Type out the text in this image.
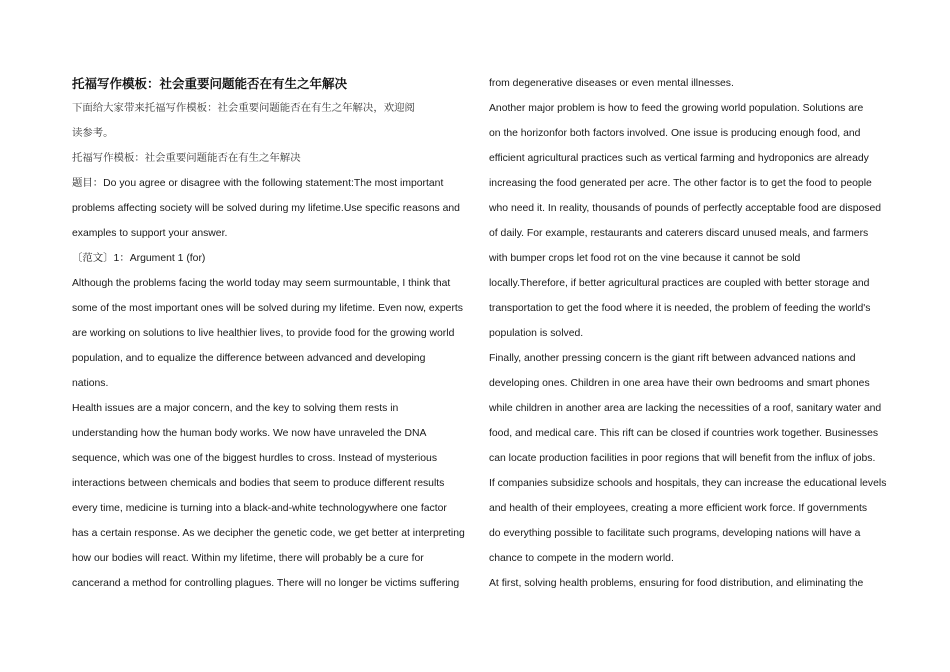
托福写作模板：社会重要问题能否在有生之年解决
下面给大家带来托福写作模板：社会重要问题能否在有生之年解决，欢迎阅
读参考。
托福写作模板：社会重要问题能否在有生之年解决
题目：Do you agree or disagree with the following statement:The most important
problems affecting society will be solved during my lifetime.Use specific reasons and
examples to support your answer.
〔范文〕1：Argument 1 (for)
Although the problems facing the world today may seem surmountable, I think that
some of the most important ones will be solved during my lifetime. Even now, experts
are working on solutions to live healthier lives, to provide food for the growing world
population, and to equalize the difference between advanced and developing
nations.
Health issues are a major concern, and the key to solving them rests in
understanding how the human body works. We now have unraveled the DNA
sequence, which was one of the biggest hurdles to cross. Instead of mysterious
interactions between chemicals and bodies that seem to produce different results
every time, medicine is turning into a black-and-white technologywhere one factor
has a certain response. As we decipher the genetic code, we get better at interpreting
how our bodies will react. Within my lifetime, there will probably be a cure for
cancerand a method for controlling plagues. There will no longer be victims suffering
from degenerative diseases or even mental illnesses.
Another major problem is how to feed the growing world population. Solutions are
on the horizonfor both factors involved. One issue is producing enough food, and
efficient agricultural practices such as vertical farming and hydroponics are already
increasing the food generated per acre. The other factor is to get the food to people
who need it. In reality, thousands of pounds of perfectly acceptable food are disposed
of daily. For example, restaurants and caterers discard unused meals, and farmers
with bumper crops let food rot on the vine because it cannot be sold
locally.Therefore, if better agricultural practices are coupled with better storage and
transportation to get the food where it is needed, the problem of feeding the world's
population is solved.
Finally, another pressing concern is the giant rift between advanced nations and
developing ones. Children in one area have their own bedrooms and smart phones
while children in another area are lacking the necessities of a roof, sanitary water and
food, and medical care. This rift can be closed if countries work together. Businesses
can locate production facilities in poor regions that will benefit from the influx of jobs.
If companies subsidize schools and hospitals, they can increase the educational levels
and health of their employees, creating a more efficient work force. If governments
do everything possible to facilitate such programs, developing nations will have a
chance to compete in the modern world.
At first, solving health problems, ensuring for food distribution, and eliminating the
